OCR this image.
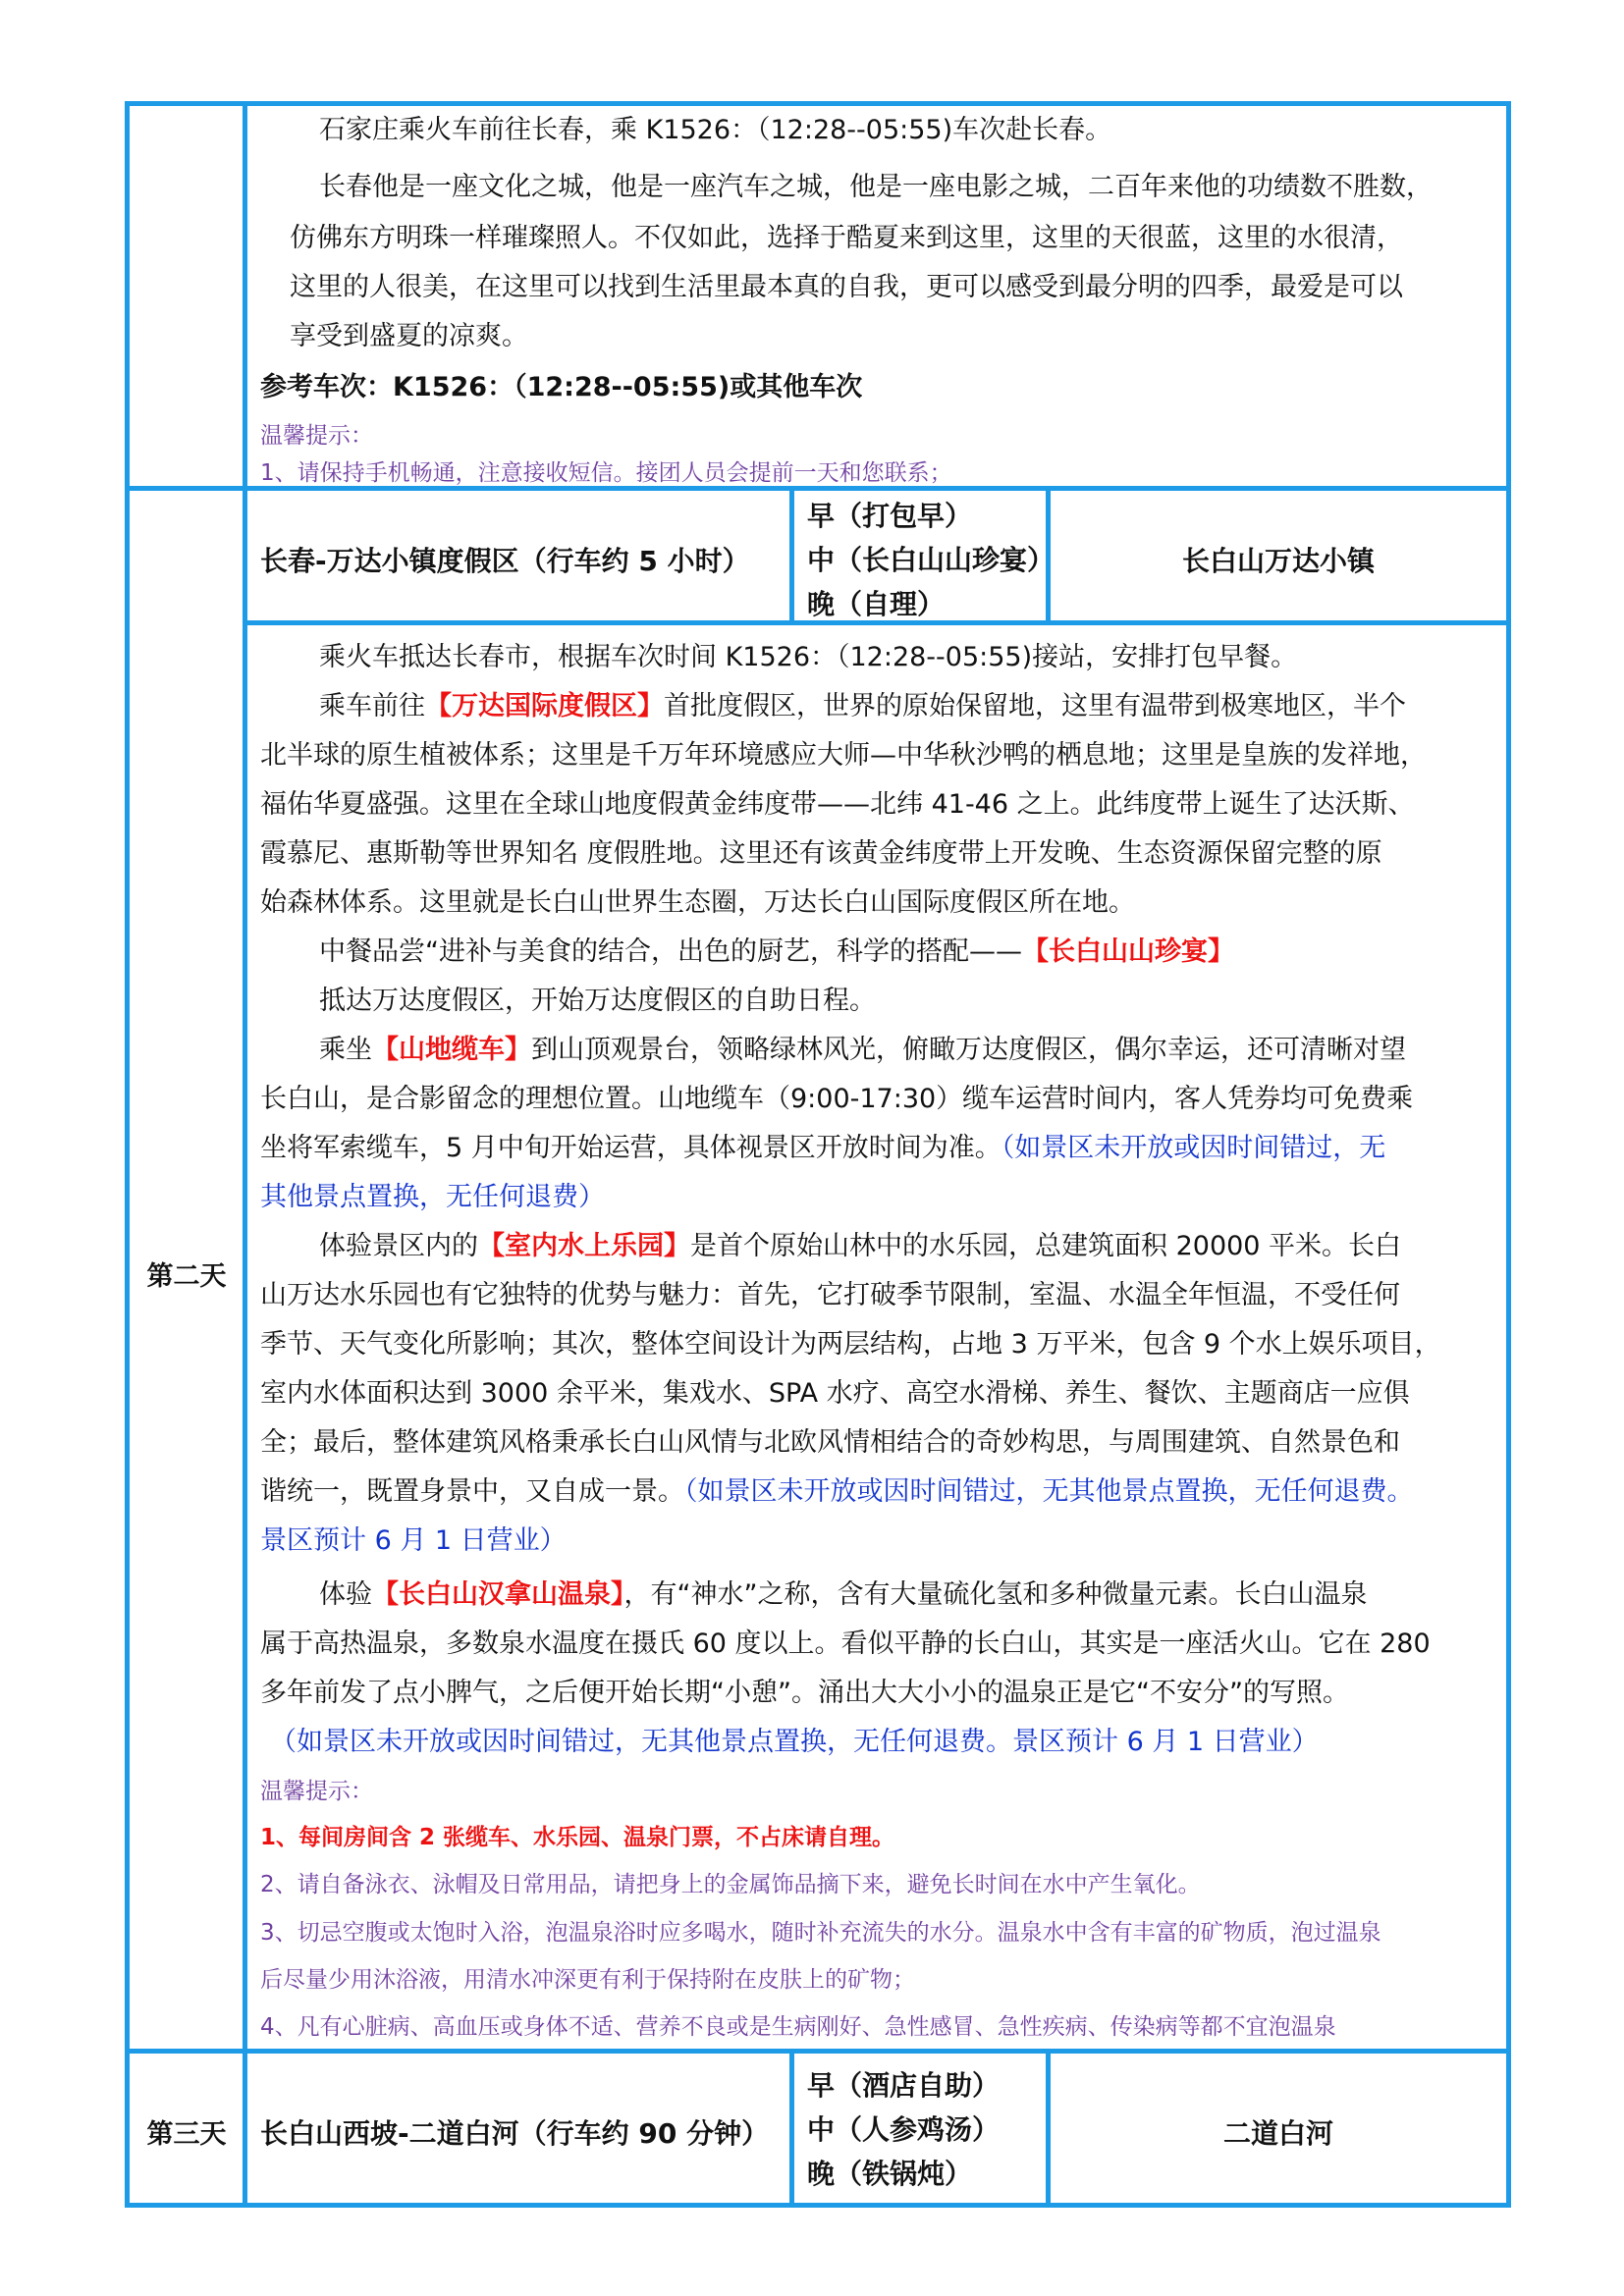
石家庄乘火车前往长春，乘 K1526：（12:28--05:55)车次赴长春。
长春他是一座文化之城，他是一座汽车之城，他是一座电影之城，二百年来他的功绩数不胜数，
仿佛东方明珠一样璀璨照人。不仅如此，选择于酷夏来到这里，这里的天很蓝，这里的水很清，
这里的人很美，在这里可以找到生活里最本真的自我，更可以感受到最分明的四季，最爱是可以
享受到盛夏的凉爽。
参考车次：K1526：（12:28--05:55)或其他车次
温馨提示：
1、请保持手机畅通，注意接收短信。接团人员会提前一天和您联系；
第二天
长春-万达小镇度假区（行车约 5 小时）
早（打包早）
中（长白山山珍宴）
晚（自理）
长白山万达小镇
乘火车抵达长春市，根据车次时间 K1526：（12:28--05:55)接站，安排打包早餐。
乘车前往【万达国际度假区】首批度假区，世界的原始保留地，这里有温带到极寒地区，半个
北半球的原生植被体系；这里是千万年环境感应大师—中华秋沙鸭的栖息地；这里是皇族的发祥地，
福佑华夏盛强。这里在全球山地度假黄金纬度带——北纬 41-46 之上。此纬度带上诞生了达沃斯、
霞慕尼、惠斯勒等世界知名 度假胜地。这里还有该黄金纬度带上开发晚、生态资源保留完整的原
始森林体系。这里就是长白山世界生态圈，万达长白山国际度假区所在地。
中餐品尝“进补与美食的结合，出色的厨艺，科学的搭配——【长白山山珍宴】
抵达万达度假区，开始万达度假区的自助日程。
乘坐【山地缆车】到山顶观景台，领略绿林风光，俯瞰万达度假区，偶尔幸运，还可清晰对望
长白山，是合影留念的理想位置。山地缆车（9:00-17:30）缆车运营时间内，客人凭券均可免费乘
坐将军索缆车，5 月中旬开始运营，具体视景区开放时间为准。（如景区未开放或因时间错过，无
其他景点置换，无任何退费）
体验景区内的【室内水上乐园】是首个原始山林中的水乐园，总建筑面积 20000 平米。长白
山万达水乐园也有它独特的优势与魅力：首先，它打破季节限制，室温、水温全年恒温，不受任何
季节、天气变化所影响；其次，整体空间设计为两层结构，占地 3 万平米，包含 9 个水上娱乐项目，
室内水体面积达到 3000 余平米，集戏水、SPA 水疗、高空水滑梯、养生、餐饮、主题商店一应俱
全；最后，整体建筑风格秉承长白山风情与北欧风情相结合的奇妙构思，与周围建筑、自然景色和
谐统一，既置身景中，又自成一景。（如景区未开放或因时间错过，无其他景点置换，无任何退费。
景区预计 6 月 1 日营业）
体验【长白山汉拿山温泉】，有“神水”之称，含有大量硫化氢和多种微量元素。长白山温泉
属于高热温泉，多数泉水温度在摄氏 60 度以上。看似平静的长白山，其实是一座活火山。它在 280
多年前发了点小脾气，之后便开始长期“小憩”。涌出大大小小的温泉正是它“不安分”的写照。
（如景区未开放或因时间错过，无其他景点置换，无任何退费。景区预计 6 月 1 日营业）
温馨提示：
1、每间房间含 2 张缆车、水乐园、温泉门票，不占床请自理。
2、请自备泳衣、泳帽及日常用品，请把身上的金属饰品摘下来，避免长时间在水中产生氧化。
3、切忌空腹或太饱时入浴，泡温泉浴时应多喝水，随时补充流失的水分。温泉水中含有丰富的矿物质，泡过温泉
后尽量少用沐浴液，用清水冲深更有利于保持附在皮肤上的矿物；
4、凡有心脏病、高血压或身体不适、营养不良或是生病刚好、急性感冒、急性疾病、传染病等都不宜泡温泉
第三天	长白山西坡-二道白河（行车约 90 分钟）
早（酒店自助）
中（人参鸡汤）
晚（铁锅炖）
二道白河
